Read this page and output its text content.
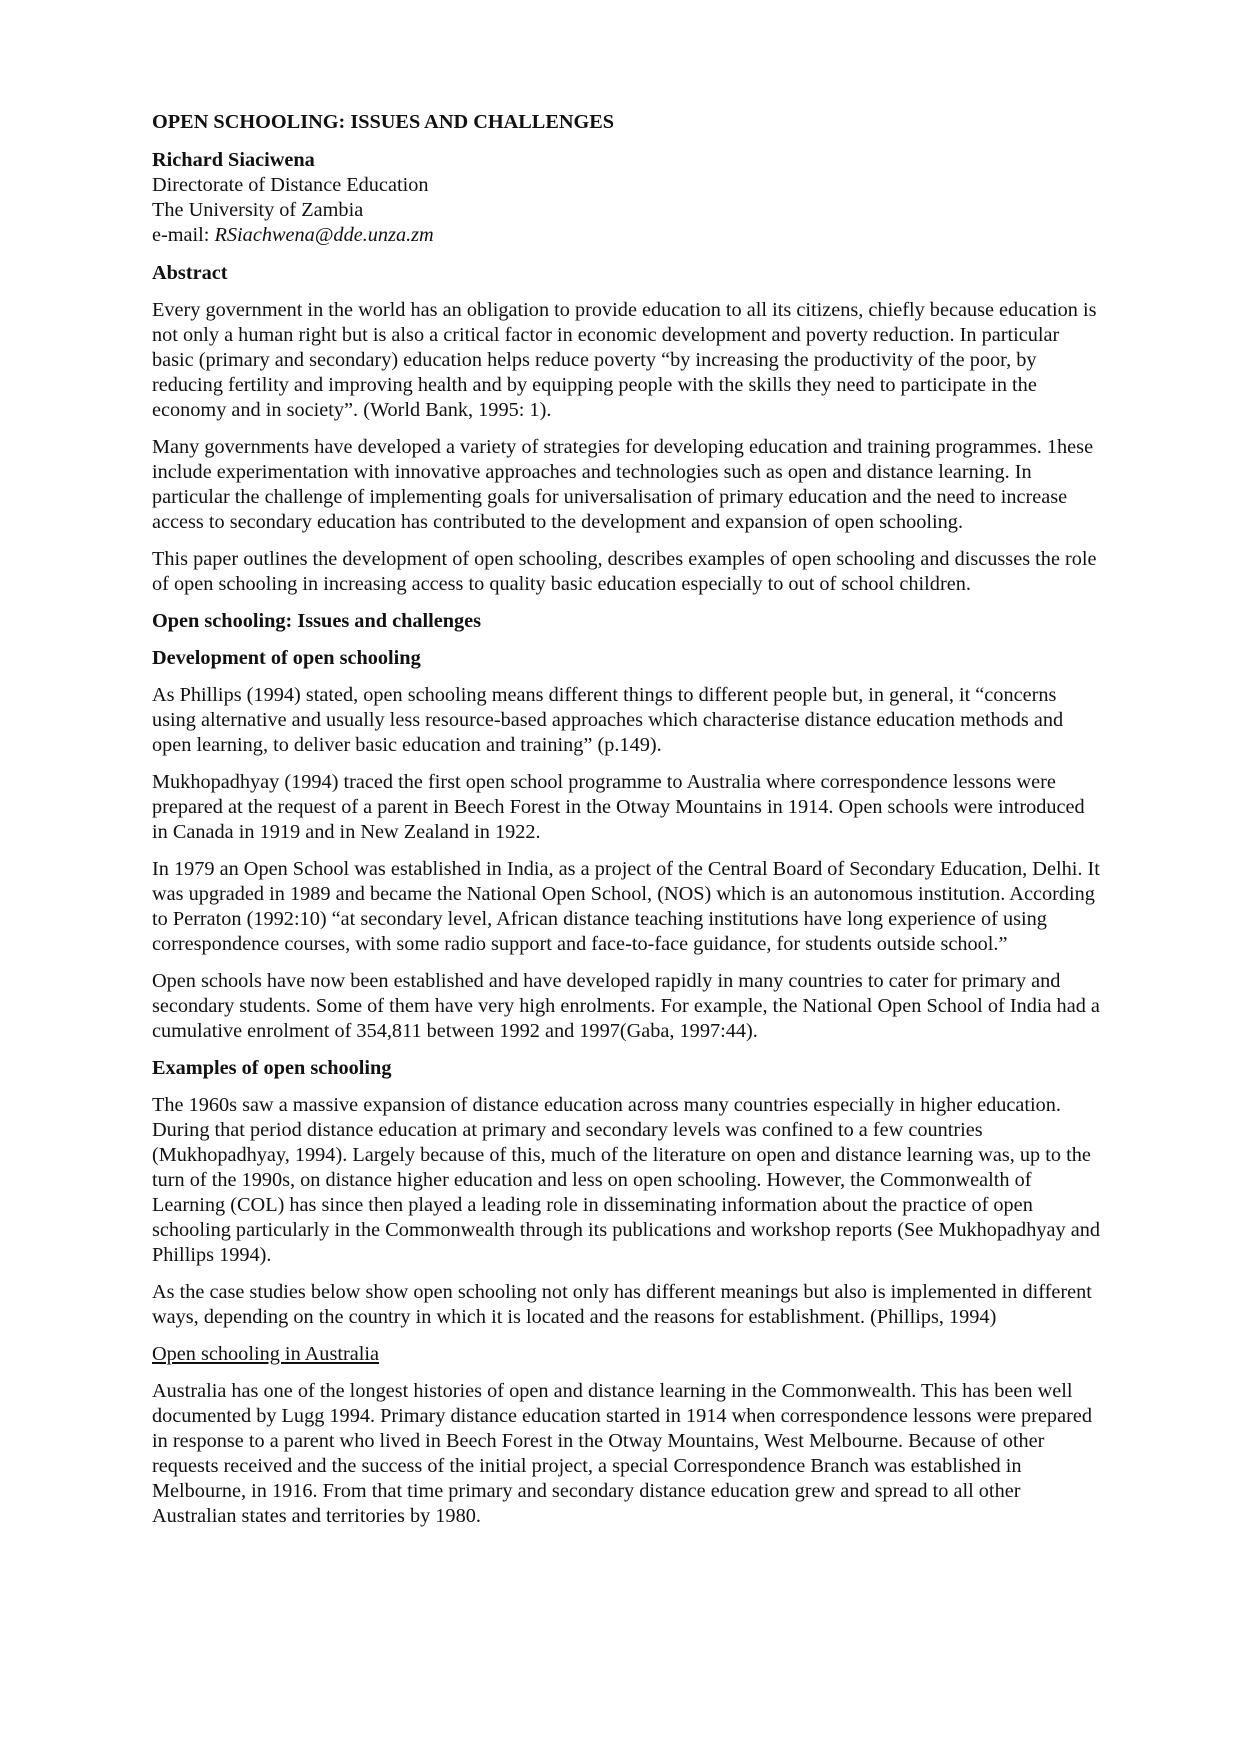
OPEN SCHOOLING: ISSUES AND CHALLENGES
Richard Siaciwena
Directorate of Distance Education
The University of Zambia
e-mail: RSiachwena@dde.unza.zm
Abstract

Every government in the world has an obligation to provide education to all its citizens, chiefly because education is not only a human right but is also a critical factor in economic development and poverty reduction. In particular basic (primary and secondary) education helps reduce poverty “by increasing the productivity of the poor, by reducing fertility and improving health and by equipping people with the skills they need to participate in the economy and in society”. (World Bank, 1995: 1).

Many governments have developed a variety of strategies for developing education and training programmes. 1hese include experimentation with innovative approaches and technologies such as open and distance learning. In particular the challenge of implementing goals for universalisation of primary education and the need to increase access to secondary education has contributed to the development and expansion of open schooling.

This paper outlines the development of open schooling, describes examples of open schooling and discusses the role of open schooling in increasing access to quality basic education especially to out of school children.

Open schooling: Issues and challenges
Development of open schooling

As Phillips (1994) stated, open schooling means different things to different people but, in general, it “concerns using alternative and usually less resource-based approaches which characterise distance education methods and open learning, to deliver basic education and training” (p.149).

Mukhopadhyay (1994) traced the first open school programme to Australia where correspondence lessons were prepared at the request of a parent in Beech Forest in the Otway Mountains in 1914. Open schools were introduced in Canada in 1919 and in New Zealand in 1922.

In 1979 an Open School was established in India, as a project of the Central Board of Secondary Education, Delhi. It was upgraded in 1989 and became the National Open School, (NOS) which is an autonomous institution. According to Perraton (1992:10) “at secondary level, African distance teaching institutions have long experience of using correspondence courses, with some radio support and face-to-face guidance, for students outside school.”

Open schools have now been established and have developed rapidly in many countries to cater for primary and secondary students. Some of them have very high enrolments. For example, the National Open School of India had a cumulative enrolment of 354,811 between 1992 and 1997(Gaba, 1997:44).

Examples of open schooling

The 1960s saw a massive expansion of distance education across many countries especially in higher education. During that period distance education at primary and secondary levels was confined to a few countries (Mukhopadhyay, 1994). Largely because of this, much of the literature on open and distance learning was, up to the turn of the 1990s, on distance higher education and less on open schooling. However, the Commonwealth of Learning (COL) has since then played a leading role in disseminating information about the practice of open schooling particularly in the Commonwealth through its publications and workshop reports (See Mukhopadhyay and Phillips 1994).

As the case studies below show open schooling not only has different meanings but also is implemented in different ways, depending on the country in which it is located and the reasons for establishment. (Phillips, 1994)

Open schooling in Australia

Australia has one of the longest histories of open and distance learning in the Commonwealth. This has been well documented by Lugg 1994. Primary distance education started in 1914 when correspondence lessons were prepared in response to a parent who lived in Beech Forest in the Otway Mountains, West Melbourne. Because of other requests received and the success of the initial project, a special Correspondence Branch was established in Melbourne, in 1916. From that time primary and secondary distance education grew and spread to all other Australian states and territories by 1980.
